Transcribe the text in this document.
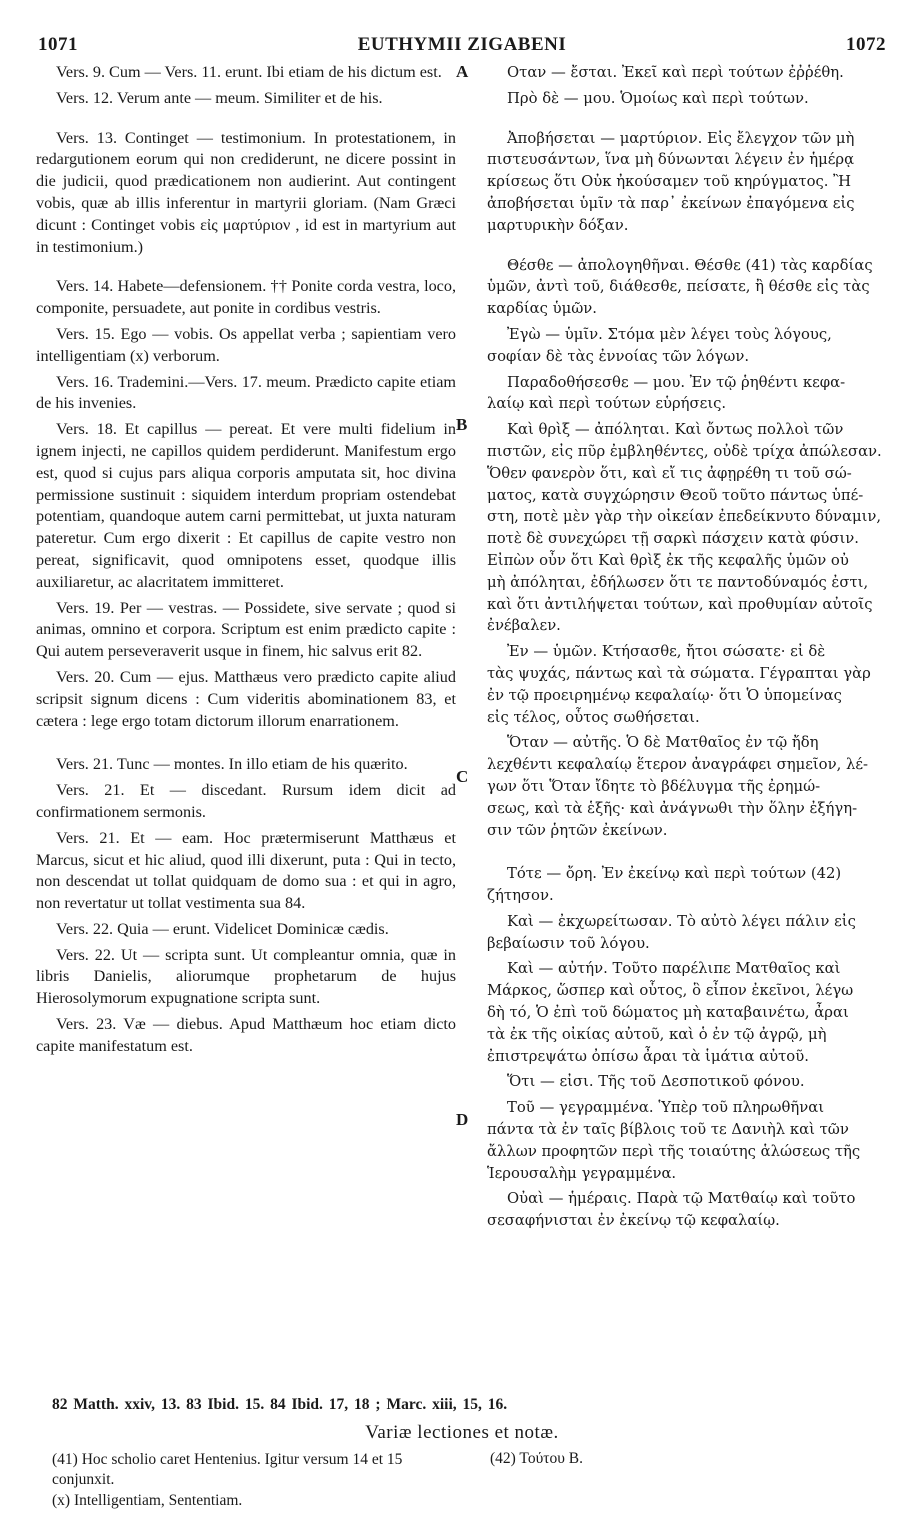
1071	EUTHYMII ZIGABENI	1072

Vers. 9. Cum — Vers. 11. erunt. Ibi etiam de his dictum est.

Vers. 12. Verum ante — meum. Similiter et de his.

Vers. 13. Continget — testimonium. In protestationem, in redargutionem eorum qui non crediderunt, ne dicere possint in die judicii, quod prædicationem non audierint. Aut contingent vobis, quæ ab illis inferentur in martyrii gloriam. (Nam Græci dicunt : Continget vobis εἰς μαρτύριον , id est in martyrium aut in testimonium.)

Vers. 14. Habete—defensionem. †† Ponite corda vestra, loco, componite, persuadete, aut ponite in cordibus vestris.

Vers. 15. Ego — vobis. Os appellat verba ; sapientiam vero intelligentiam (x) verborum.

Vers. 16. Trademini.—Vers. 17. meum. Prædicto capite etiam de his invenies.

Vers. 18. Et capillus — pereat. Et vere multi fidelium in ignem injecti, ne capillos quidem perdiderunt. Manifestum ergo est, quod si cujus pars aliqua corporis amputata sit, hoc divina permissione sustinuit : siquidem interdum propriam ostendebat potentiam, quandoque autem carni permittebat, ut juxta naturam pateretur. Cum ergo dixerit : Et capillus de capite vestro non pereat, significavit, quod omnipotens esset, quodque illis auxiliaretur, ac alacritatem immitteret.

Vers. 19. Per — vestras. — Possidete, sive servate ; quod si animas, omnino et corpora. Scriptum est enim prædicto capite : Qui autem perseveraverit usque in finem, hic salvus erit 82.

Vers. 20. Cum — ejus. Matthæus vero prædicto capite aliud scripsit signum dicens : Cum videritis abominationem 83, et cætera : lege ergo totam dictorum illorum enarrationem.

Vers. 21. Tunc — montes. In illo etiam de his quærito.

Vers. 21. Et — discedant. Rursum idem dicit ad confirmationem sermonis.

Vers. 21. Et — eam. Hoc prætermiserunt Matthæus et Marcus, sicut et hic aliud, quod illi dixerunt, puta : Qui in tecto, non descendat ut tollat quidquam de domo sua : et qui in agro, non revertatur ut tollat vestimenta sua 84.

Vers. 22. Quia — erunt. Videlicet Dominicæ cædis.

Vers. 22. Ut — scripta sunt. Ut compleantur omnia, quæ in libris Danielis, aliorumque prophetarum de hujus Hierosolymorum expugnatione scripta sunt.

Vers. 23. Væ — diebus. Apud Matthæum hoc etiam dicto capite manifestatum est.

Οταν — ἔσται. Ἐκεῖ καὶ περὶ τούτων ἐῤῥέθη.
Πρὸ δὲ — μου. Ὁμοίως καὶ περὶ τούτων.
Ἀποβήσεται — μαρτύριον. Εἰς ἔλεγχον τῶν μὴ
πιστευσάντων, ἵνα μὴ δύνωνται λέγειν ἐν ἡμέρᾳ
κρίσεως ὅτι Οὐκ ἠκούσαμεν τοῦ κηρύγματος. Ἢ
ἀποβήσεται ὑμῖν τὰ παρ᾽ ἐκείνων ἐπαγόμενα εἰς
μαρτυρικὴν δόξαν.
Θέσθε — ἀπολογηθῆναι. Θέσθε (41) τὰς καρδίας
ὑμῶν, ἀντὶ τοῦ, διάθεσθε, πείσατε, ἢ θέσθε εἰς τὰς
καρδίας ὑμῶν.
Ἐγὼ — ὑμῖν. Στόμα μὲν λέγει τοὺς λόγους,
σοφίαν δὲ τὰς ἐννοίας τῶν λόγων.
Παραδοθήσεσθε — μου. Ἐν τῷ ῥηθέντι κεφα-
λαίῳ καὶ περὶ τούτων εὑρήσεις.
Καὶ θρὶξ — ἀπόληται. Καὶ ὄντως πολλοὶ τῶν
πιστῶν, εἰς πῦρ ἐμβληθέντες, οὐδὲ τρίχα ἀπώλεσαν.
Ὅθεν φανερὸν ὅτι, καὶ εἴ τις ἀφῃρέθη τι τοῦ σώ-
ματος, κατὰ συγχώρησιν Θεοῦ τοῦτο πάντως ὑπέ-
στη, ποτὲ μὲν γὰρ τὴν οἰκείαν ἐπεδείκνυτο δύναμιν,
ποτὲ δὲ συνεχώρει τῇ σαρκὶ πάσχειν κατὰ φύσιν.
Εἰπὼν οὖν ὅτι Καὶ θρὶξ ἐκ τῆς κεφαλῆς ὑμῶν οὐ
μὴ ἀπόληται, ἐδήλωσεν ὅτι τε παντοδύναμός ἐστι,
καὶ ὅτι ἀντιλήψεται τούτων, καὶ προθυμίαν αὐτοῖς
ἐνέβαλεν.
Ἐν — ὑμῶν. Κτήσασθε, ἤτοι σώσατε· εἰ δὲ
τὰς ψυχάς, πάντως καὶ τὰ σώματα. Γέγραπται γὰρ
ἐν τῷ προειρημένῳ κεφαλαίῳ· ὅτι Ὁ ὑπομείνας
εἰς τέλος, οὗτος σωθήσεται.
Ὅταν — αὐτῆς. Ὁ δὲ Ματθαῖος ἐν τῷ ἤδη
λεχθέντι κεφαλαίῳ ἕτερον ἀναγράφει σημεῖον, λέ-
γων ὅτι Ὅταν ἴδητε τὸ βδέλυγμα τῆς ἐρημώ-
σεως, καὶ τὰ ἑξῆς· καὶ ἀνάγνωθι τὴν ὅλην ἐξήγη-
σιν τῶν ῥητῶν ἐκείνων.
Τότε — ὄρη. Ἐν ἐκείνῳ καὶ περὶ τούτων (42)
ζήτησον.
Καὶ — ἐκχωρείτωσαν. Τὸ αὐτὸ λέγει πάλιν εἰς
βεβαίωσιν τοῦ λόγου.
Καὶ — αὐτήν. Τοῦτο παρέλιπε Ματθαῖος καὶ
Μάρκος, ὥσπερ καὶ οὗτος, ὃ εἶπον ἐκεῖνοι, λέγω
δὴ τό, Ὁ ἐπὶ τοῦ δώματος μὴ καταβαινέτω, ἆραι
τὰ ἐκ τῆς οἰκίας αὐτοῦ, καὶ ὁ ἐν τῷ ἀγρῷ, μὴ
ἐπιστρεψάτω ὀπίσω ἆραι τὰ ἱμάτια αὐτοῦ.
Ὅτι — εἰσι. Τῆς τοῦ Δεσποτικοῦ φόνου.
Τοῦ — γεγραμμένα. Ὑπὲρ τοῦ πληρωθῆναι
πάντα τὰ ἐν ταῖς βίβλοις τοῦ τε Δανιὴλ καὶ τῶν
ἄλλων προφητῶν περὶ τῆς τοιαύτης ἁλώσεως τῆς
Ἱερουσαλὴμ γεγραμμένα.
Οὐαὶ — ἡμέραις. Παρὰ τῷ Ματθαίῳ καὶ τοῦτο
σεσαφήνισται ἐν ἐκείνῳ τῷ κεφαλαίῳ.
A
B
C
D
82 Matth. xxiv, 13. 83 Ibid. 15. 84 Ibid. 17, 18 ; Marc. xiii, 15, 16.
Variæ lectiones et notæ.
(41) Hoc scholio caret Hentenius. Igitur versum 14 et 15 conjunxit.
(x) Intelligentiam, Sententiam.
(42) Τούτου B.
